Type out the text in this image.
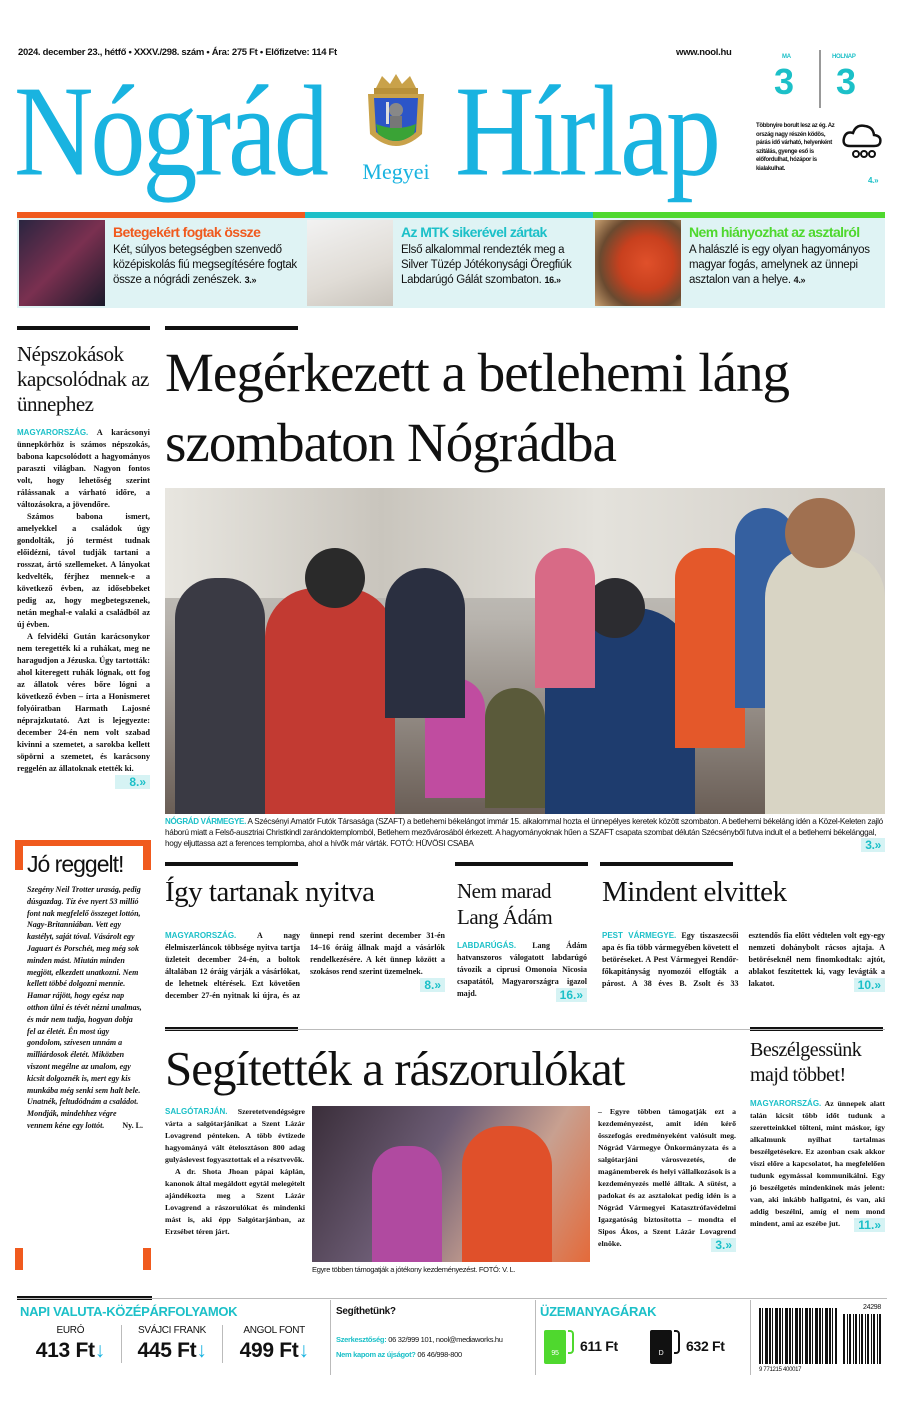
2024. december 23., hétfő • XXXV./298. szám • Ára: 275 Ft • Előfizetve: 114 Ft	www.nool.hu
Nógrád Megyei Hírlap
MA
3
HOLNAP
3
Többnyire borult lesz az ég. Az ország nagy részén ködös, párás idő várható, helyenként szitálás, gyenge eső is előfordulhat, hózápor is kialakulhat.
4.»
Betegekért fogtak össze

Két, súlyos betegségben szenvedő középiskolás fiú megsegítésére fogtak össze a nógrádi zenészek. 3.»

Az MTK sikerével zártak

Első alkalommal rendezték meg a Silver Tüzép Jótékonysági Öregfiúk Labdarúgó Gálát szombaton. 16.»

Nem hiányozhat az asztalról

A halászlé is egy olyan hagyományos magyar fogás, amelynek az ünnepi asztalon van a helye. 4.»

Népszokások kapcsolódnak az ünnephez

MAGYARORSZÁG. A karácsonyi ünnepkörhöz is számos népszokás, babona kapcsolódott a hagyományos paraszti világban. Nagyon fontos volt, hogy lehetőség szerint rálássanak a várható időre, a változásokra, a jövendőre.

Számos babona ismert, amelyekkel a családok úgy gondolták, jó termést tudnak előidézni, távol tudják tartani a rosszat, ártó szellemeket. A lányokat kedvelték, férjhez mennek-e a következő évben, az idősebbeket pedig az, hogy megbetegszenek, netán meghal-e valaki a családból az új évben.

A felvidéki Gután karácsonykor nem teregették ki a ruhákat, meg ne haragudjon a Jézuska. Úgy tartották: ahol kiteregett ruhák lógnak, ott fog az állatok véres bőre lógni a következő évben – írta a Honismeret folyóiratban Harmath Lajosné néprajzkutató. Azt is lejegyezte: december 24-én nem volt szabad kivinni a szemetet, a sarokba kellett söpörni a szemetet, és karácsony reggelén az állatoknak etették ki.
8.»

Megérkezett a betlehemi láng szombaton Nógrádba
NÓGRÁD VÁRMEGYE. A Szécsényi Amatőr Futók Társasága (SZAFT) a betlehemi békelángot immár 15. alkalommal hozta el ünnepélyes keretek között szombaton. A betlehemi békeláng idén a Közel-Keleten zajló háború miatt a Felső-ausztriai Christkindl zarándoktemplomból, Betlehem mezővárosából érkezett. A hagyományoknak hűen a SZAFT csapata szombat délután Szécsényből futva indult el a betlehemi békelánggal, hogy eljuttassa azt a ferences templomba, ahol a hívők már várták. FOTÓ: HÜVÖSI CSABA	3.»
Jó reggelt!

Szegény Neil Trotter uraság, pedig dúsgazdag. Tíz éve nyert 53 millió font nak megfelelő összeget lottón, Nagy-Britanniában. Vett egy kastélyt, saját tóval. Vásárolt egy Jaguart és Porschét, meg még sok minden mást. Miután minden megjött, elkezdett unatkozni. Nem kellett többé dolgozni mennie. Hamar rájött, hogy egész nap otthon ülni és tévét nézni unalmas, és már nem tudja, hogyan dobja fel az életét. Én most úgy gondolom, szívesen unnám a milliárdosok életét. Miközben viszont megélne az unalom, egy kicsit dolgoznék is, mert egy kis munkába még senki sem halt bele. Unatnék, feltudódnám a családot. Mondják, mindehhez végre vennem kéne egy lottót. Ny. L.

Így tartanak nyitva
MAGYARORSZÁG.	A nagy élelmiszerláncok többsége nyitva tartja üzleteit december 24-én, a boltok általában 12 óráig várják a vásárlókat, de lehetnek eltérések. Ezt követően december 27-én nyitnak ki újra, és az ünnepi rend szerint december 31-én 14–16 óráig állnak majd a vásárlók rendelkezésére. A két ünnep között a szokásos rend szerint üzemelnek.
8.»
Nem marad Lang Ádám
LABDARÚGÁS. Lang Ádám hatvanszoros válogatott labdarúgó távozik a ciprusi Omonoia Nicosia csapatától, Magyarországra igazol majd.	16.»
Mindent elvittek
PEST VÁRMEGYE. Egy tiszaszecsői apa és fia több vármegyében követett el betöréseket. A Pest Vármegyei Rendőr-főkapitányság nyomozói elfogták a párost. A 38 éves B. Zsolt és 33 esztendős fia előtt védtelen volt egy-egy nemzeti dohánybolt rácsos ajtaja. A betöréseknél nem finomkodtak: ajtót, ablakot feszítettek ki, vagy levágták a lakatot.	10.»
Segítették a rászorulókat

SALGÓTARJÁN. Szeretetvendégségre várta a salgótarjánikat a Szent Lázár Lovagrend pénteken. A több évtizede hagyományá vált ételosztáson 800 adag gulyáslevest fogyasztottak el a résztvevők.

A dr. Shota Jhoan pápai káplán, kanonok által megáldott egytál melegételt ajándékozta meg a Szent Lázár Lovagrend a rászorulókat és mindenki mást is, aki épp Salgótarjánban, az Erzsébet téren járt.

Egyre többen támogatják a jótékony kezdeményezést. FOTÓ: V. L.
– Egyre többen támogatják ezt a kezdeményezést, amit idén kérő összefogás eredményeként valósult meg. Nógrád Vármegye Önkormányzata és a salgótarjáni városvezetés, de magánemberek és helyi vállalkozások is a kezdeményezés mellé álltak. A sütést, a padokat és az asztalokat pedig idén is a Nógrád Vármegyei Katasztrófavédelmi Igazgatóság biztosította – mondta el Sipos Ákos, a Szent Lázár Lovagrend elnöke.	3.»
Beszélgessünk majd többet!
MAGYARORSZÁG. Az ünnepek alatt talán kicsit több időt tudunk a szeretteinkkel tölteni, mint máskor, így alkalmunk nyílhat tartalmas beszélgetésekre. Ez azonban csak akkor viszi előre a kapcsolatot, ha megfelelően tudunk egymással kommunikálni. Egy jó beszélgetés mindenkinek más jelent: van, aki inkább hallgatni, és van, aki addig beszélni, amíg el nem mond mindent, ami az eszébe jut.	11.»
NAPI VALUTA-KÖZÉPÁRFOLYAMOK
EURÓ
413 Ft↓
SVÁJCI FRANK
445 Ft↓
ANGOL FONT
499 Ft↓
Segíthetünk?
Szerkesztőség: 06 32/999 101, nool@mediaworks.hu
Nem kapom az újságot? 06 46/998-800
ÜZEMANYAGÁRAK
95	611 Ft	D	632 Ft
24298
9 771215 400017
